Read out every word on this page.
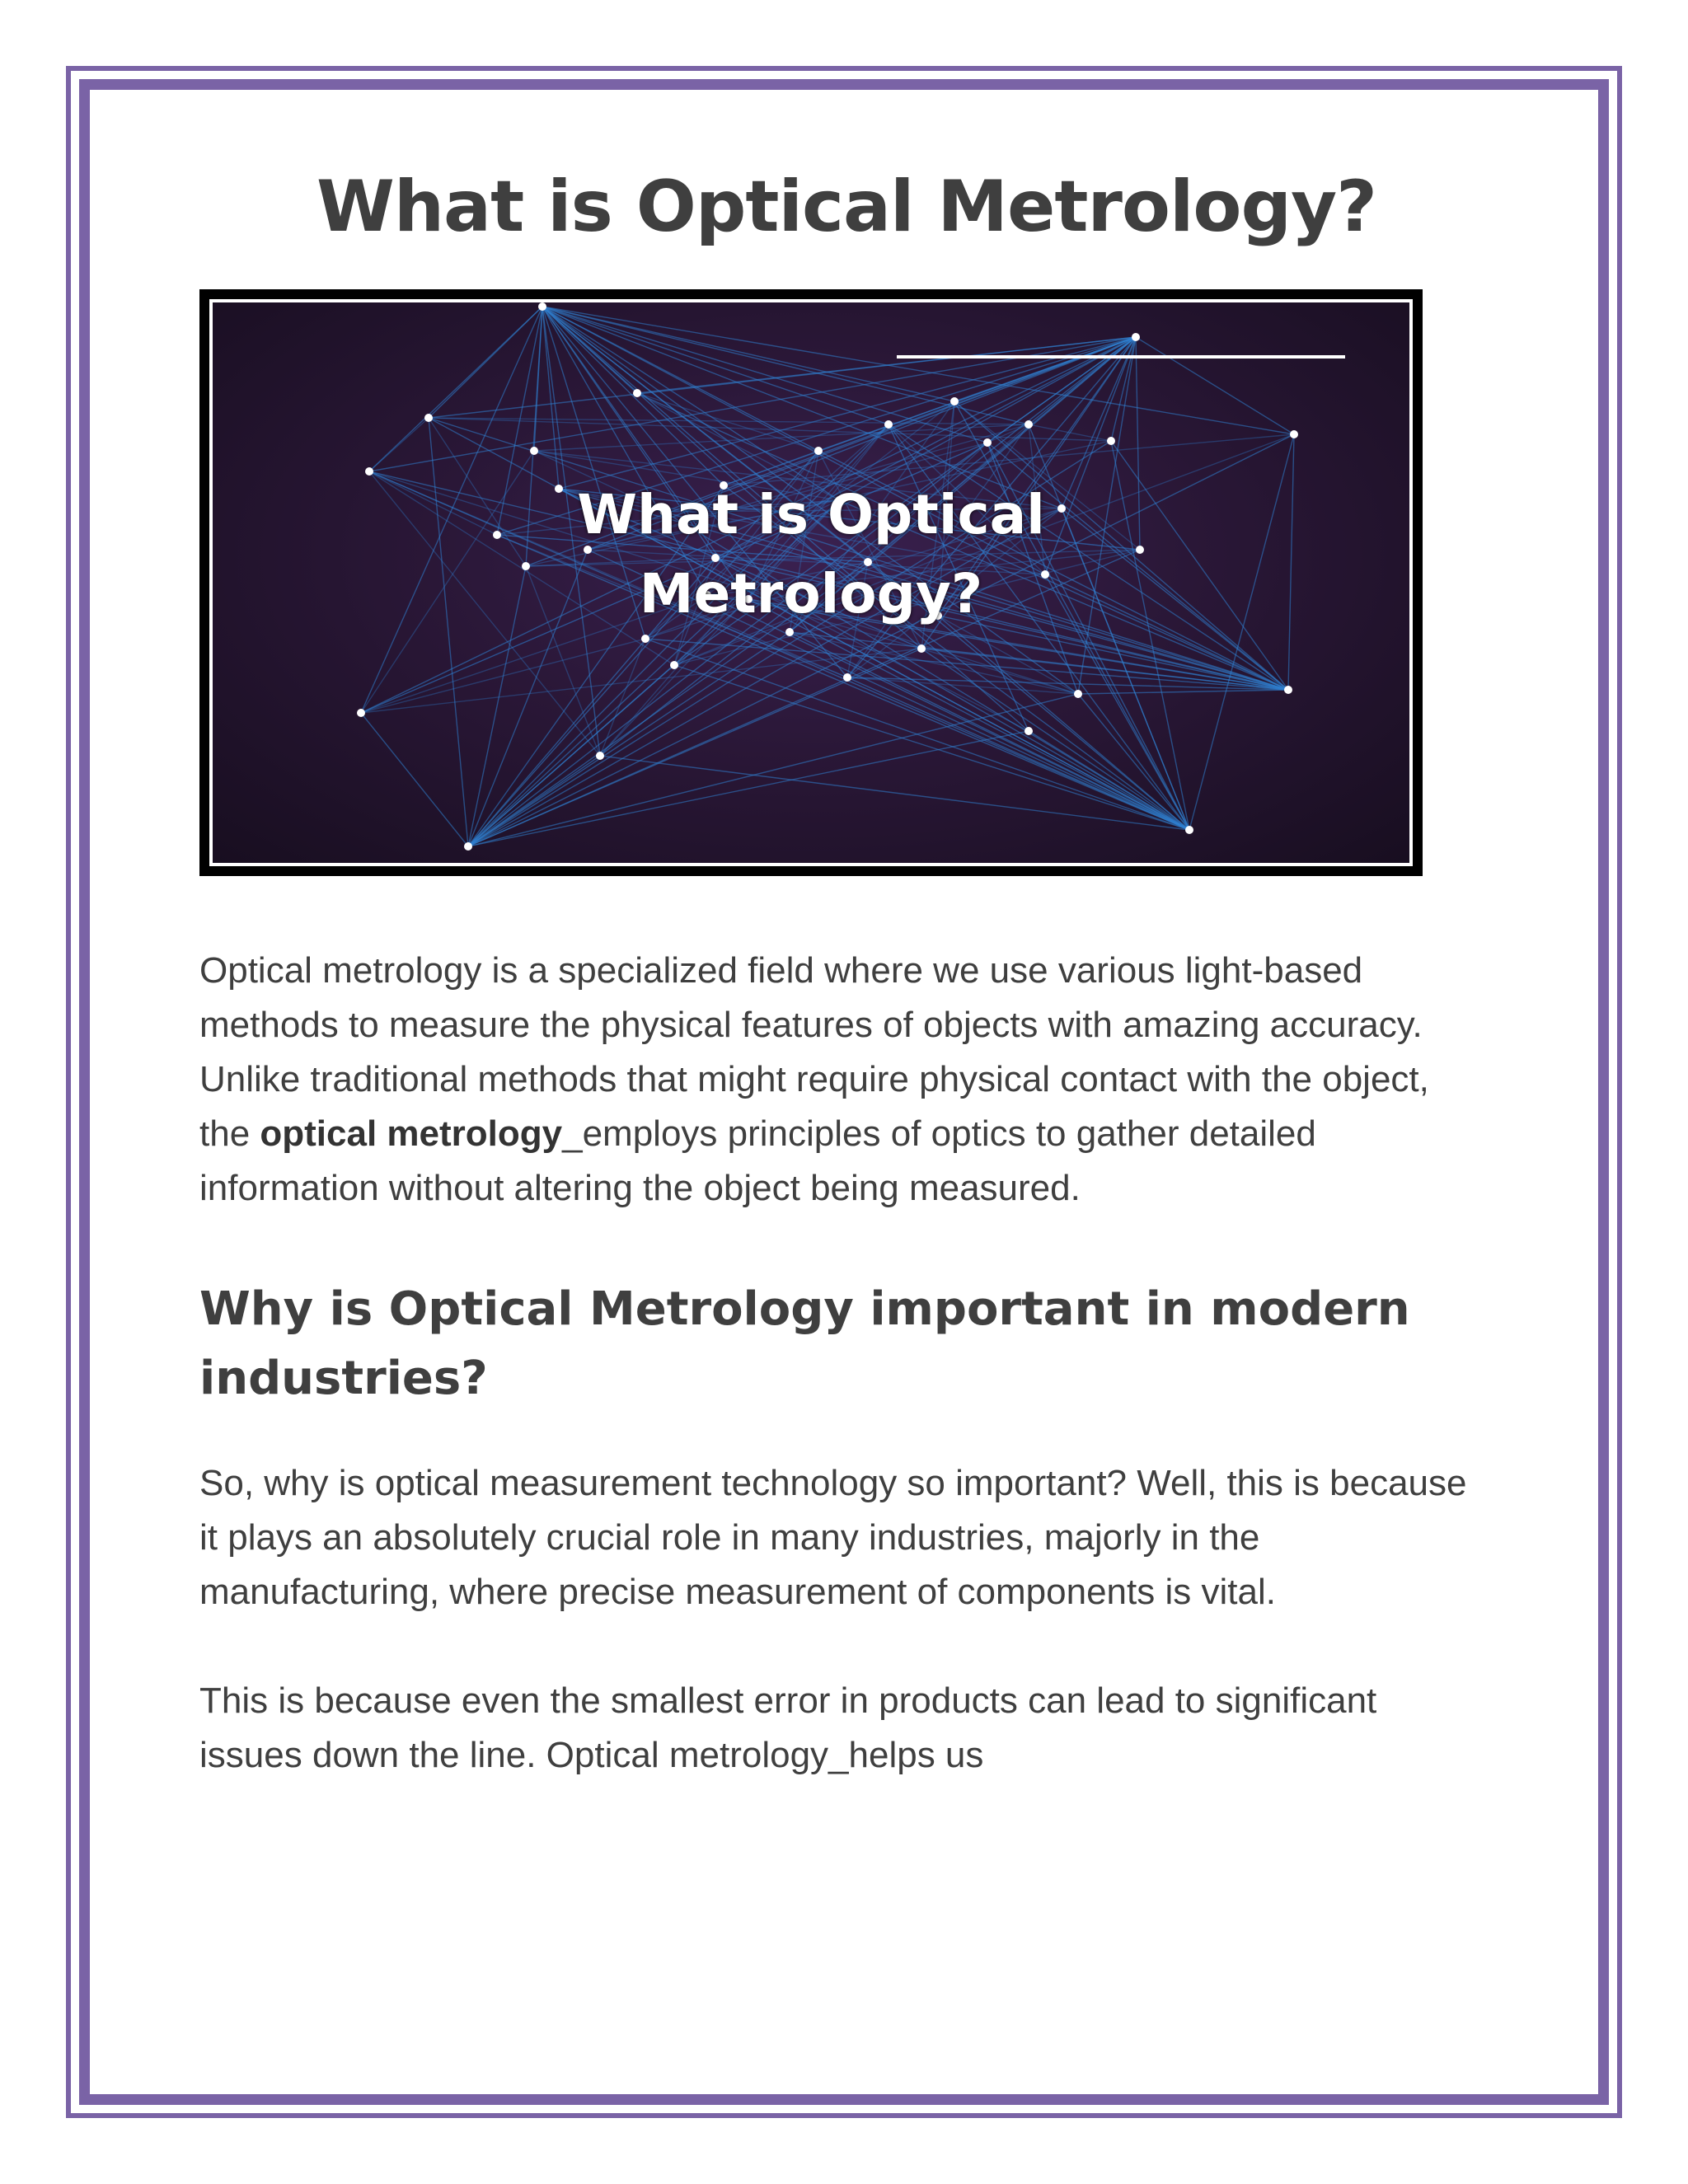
What is Optical Metrology?
What is Optical
Metrology?

Optical metrology is a specialized field where we use various light-based methods to measure the physical features of objects with amazing accuracy. Unlike traditional methods that might require physical contact with the object, the optical metrology_employs principles of optics to gather detailed information without altering the object being measured.

Why is Optical Metrology important in modern industries?

So, why is optical measurement technology so important? Well, this is because it plays an absolutely crucial role in many industries, majorly in the manufacturing, where precise measurement of components is vital.

This is because even the smallest error in products can lead to significant issues down the line. Optical metrology_helps us
